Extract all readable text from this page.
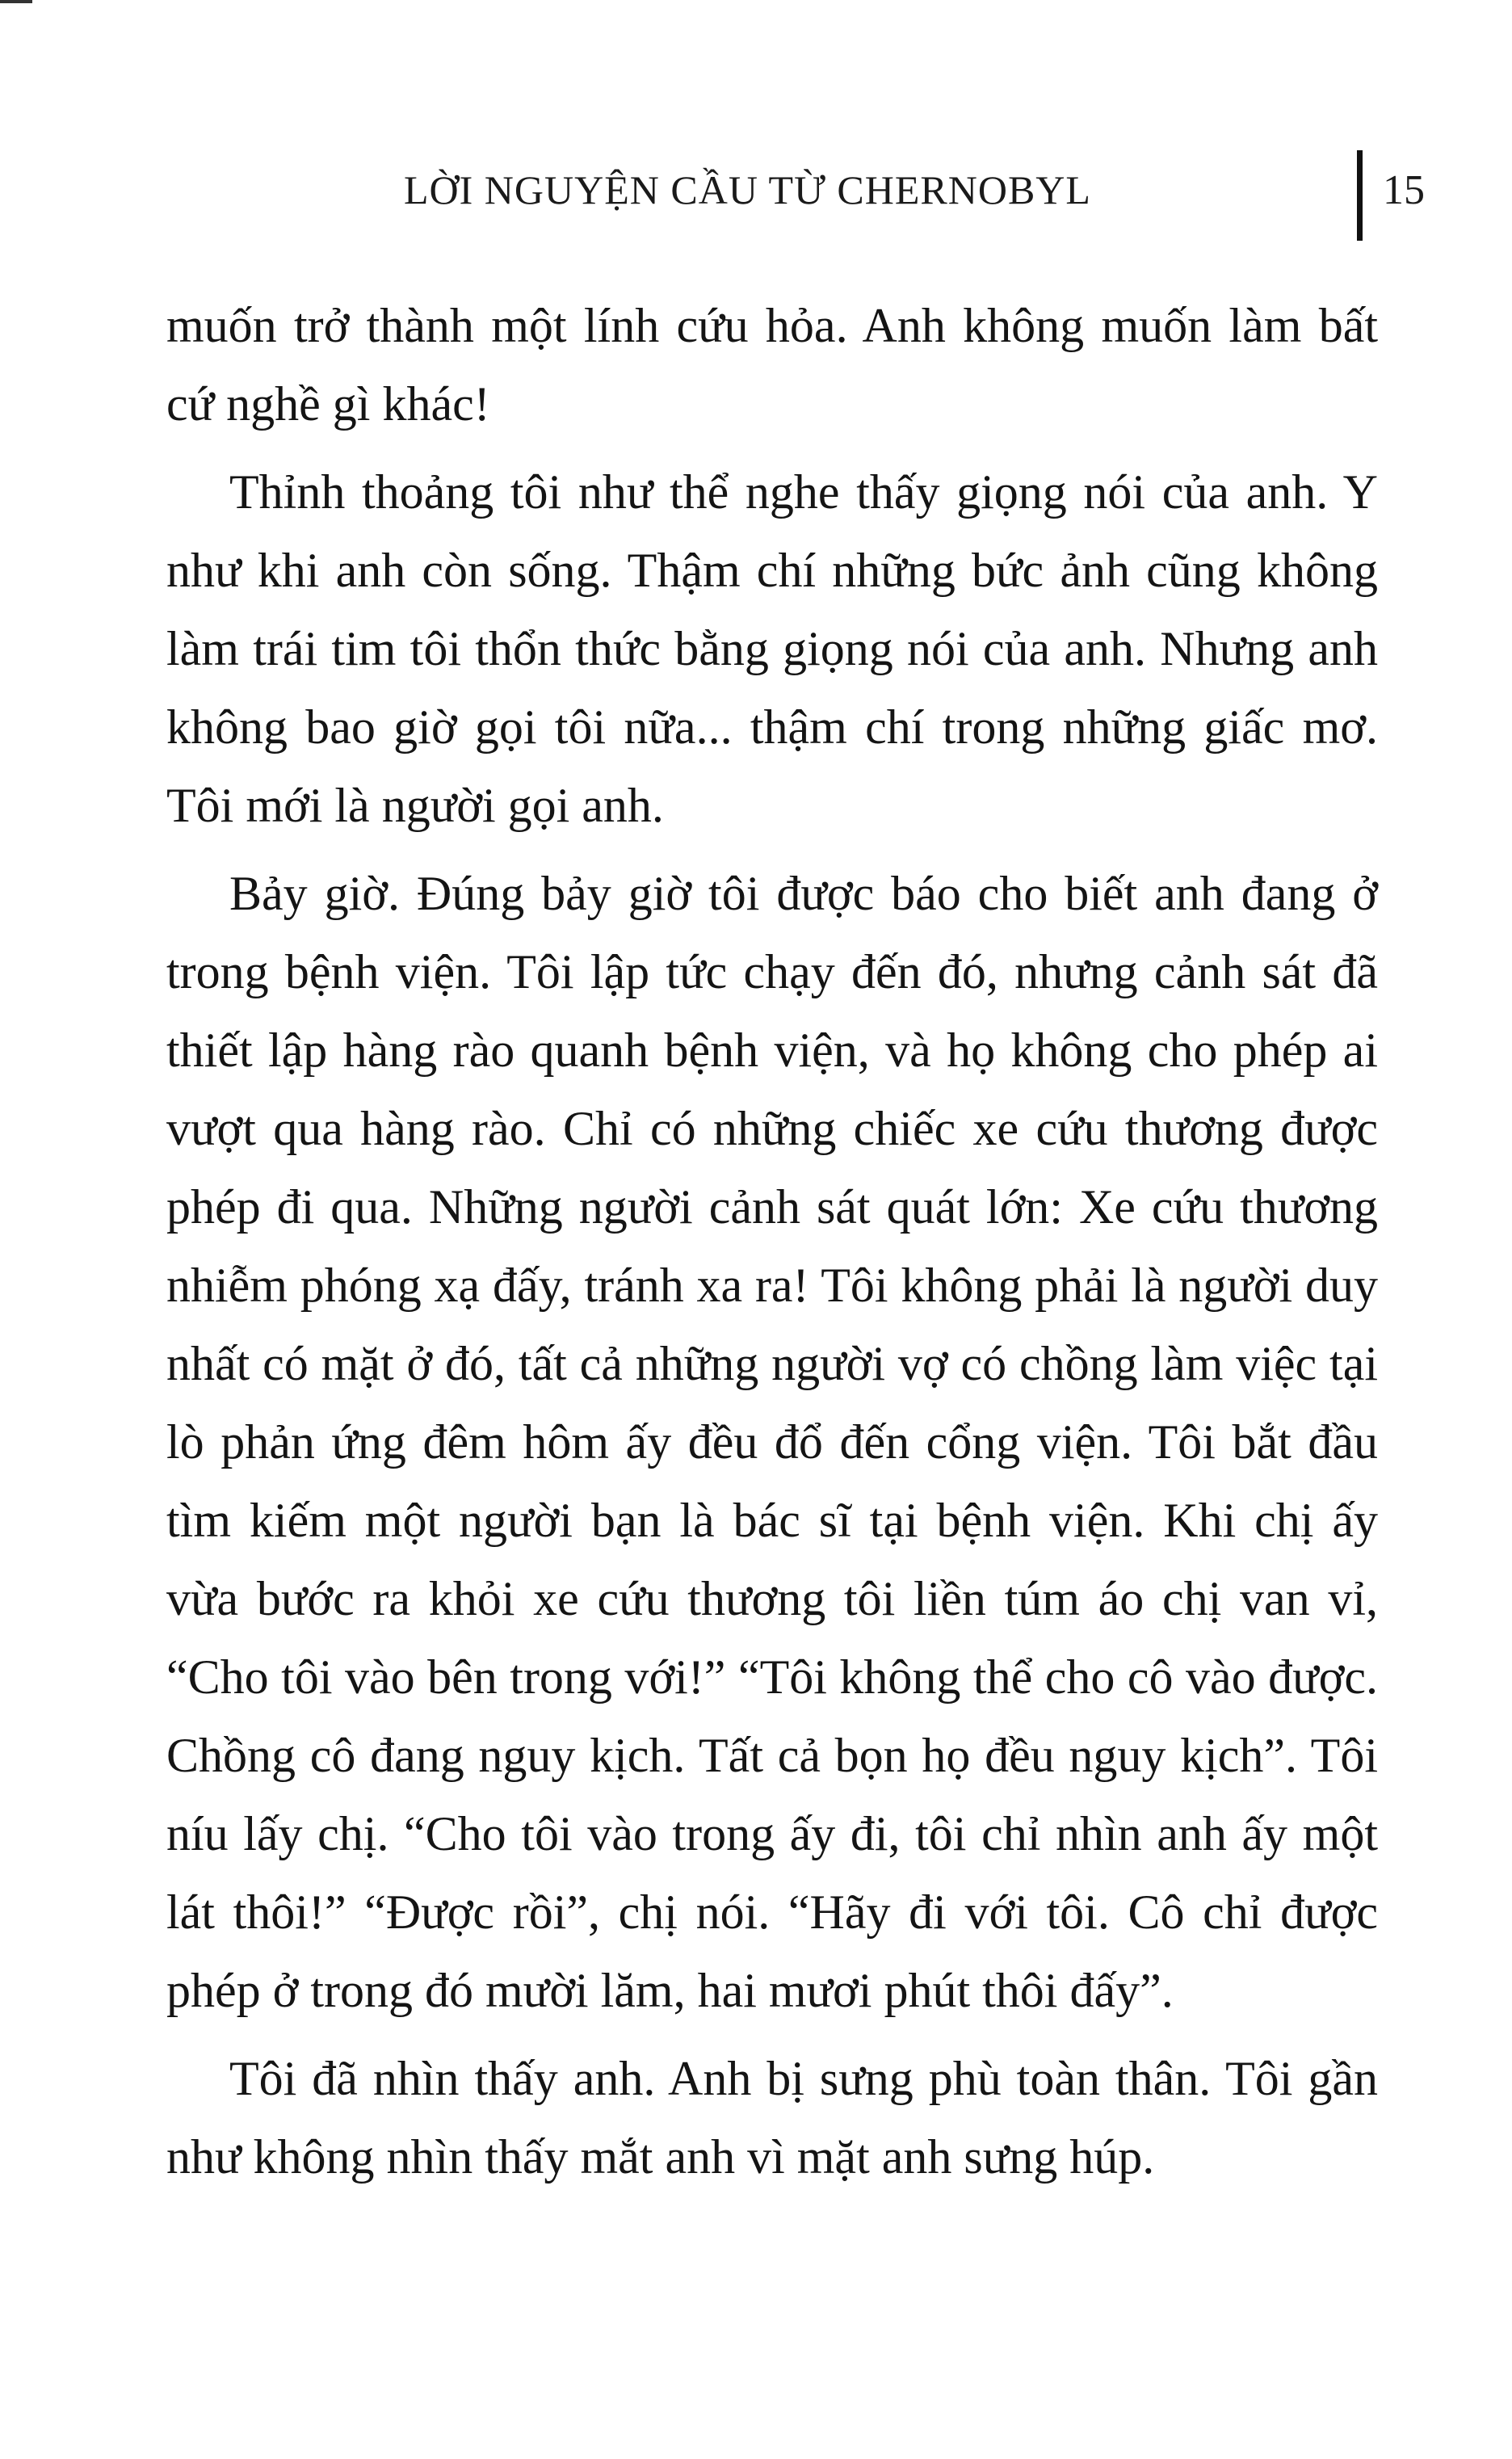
LỜI NGUYỆN CẦU TỪ CHERNOBYL	15

muốn trở thành một lính cứu hỏa. Anh không muốn làm bất cứ nghề gì khác!

Thỉnh thoảng tôi như thể nghe thấy giọng nói của anh. Y như khi anh còn sống. Thậm chí những bức ảnh cũng không làm trái tim tôi thổn thức bằng giọng nói của anh. Nhưng anh không bao giờ gọi tôi nữa... thậm chí trong những giấc mơ. Tôi mới là người gọi anh.

Bảy giờ. Đúng bảy giờ tôi được báo cho biết anh đang ở trong bệnh viện. Tôi lập tức chạy đến đó, nhưng cảnh sát đã thiết lập hàng rào quanh bệnh viện, và họ không cho phép ai vượt qua hàng rào. Chỉ có những chiếc xe cứu thương được phép đi qua. Những người cảnh sát quát lớn: Xe cứu thương nhiễm phóng xạ đấy, tránh xa ra! Tôi không phải là người duy nhất có mặt ở đó, tất cả những người vợ có chồng làm việc tại lò phản ứng đêm hôm ấy đều đổ đến cổng viện. Tôi bắt đầu tìm kiếm một người bạn là bác sĩ tại bệnh viện. Khi chị ấy vừa bước ra khỏi xe cứu thương tôi liền túm áo chị van vỉ, “Cho tôi vào bên trong với!” “Tôi không thể cho cô vào được. Chồng cô đang nguy kịch. Tất cả bọn họ đều nguy kịch”. Tôi níu lấy chị. “Cho tôi vào trong ấy đi, tôi chỉ nhìn anh ấy một lát thôi!” “Được rồi”, chị nói. “Hãy đi với tôi. Cô chỉ được phép ở trong đó mười lăm, hai mươi phút thôi đấy”.

Tôi đã nhìn thấy anh. Anh bị sưng phù toàn thân. Tôi gần như không nhìn thấy mắt anh vì mặt anh sưng húp.
